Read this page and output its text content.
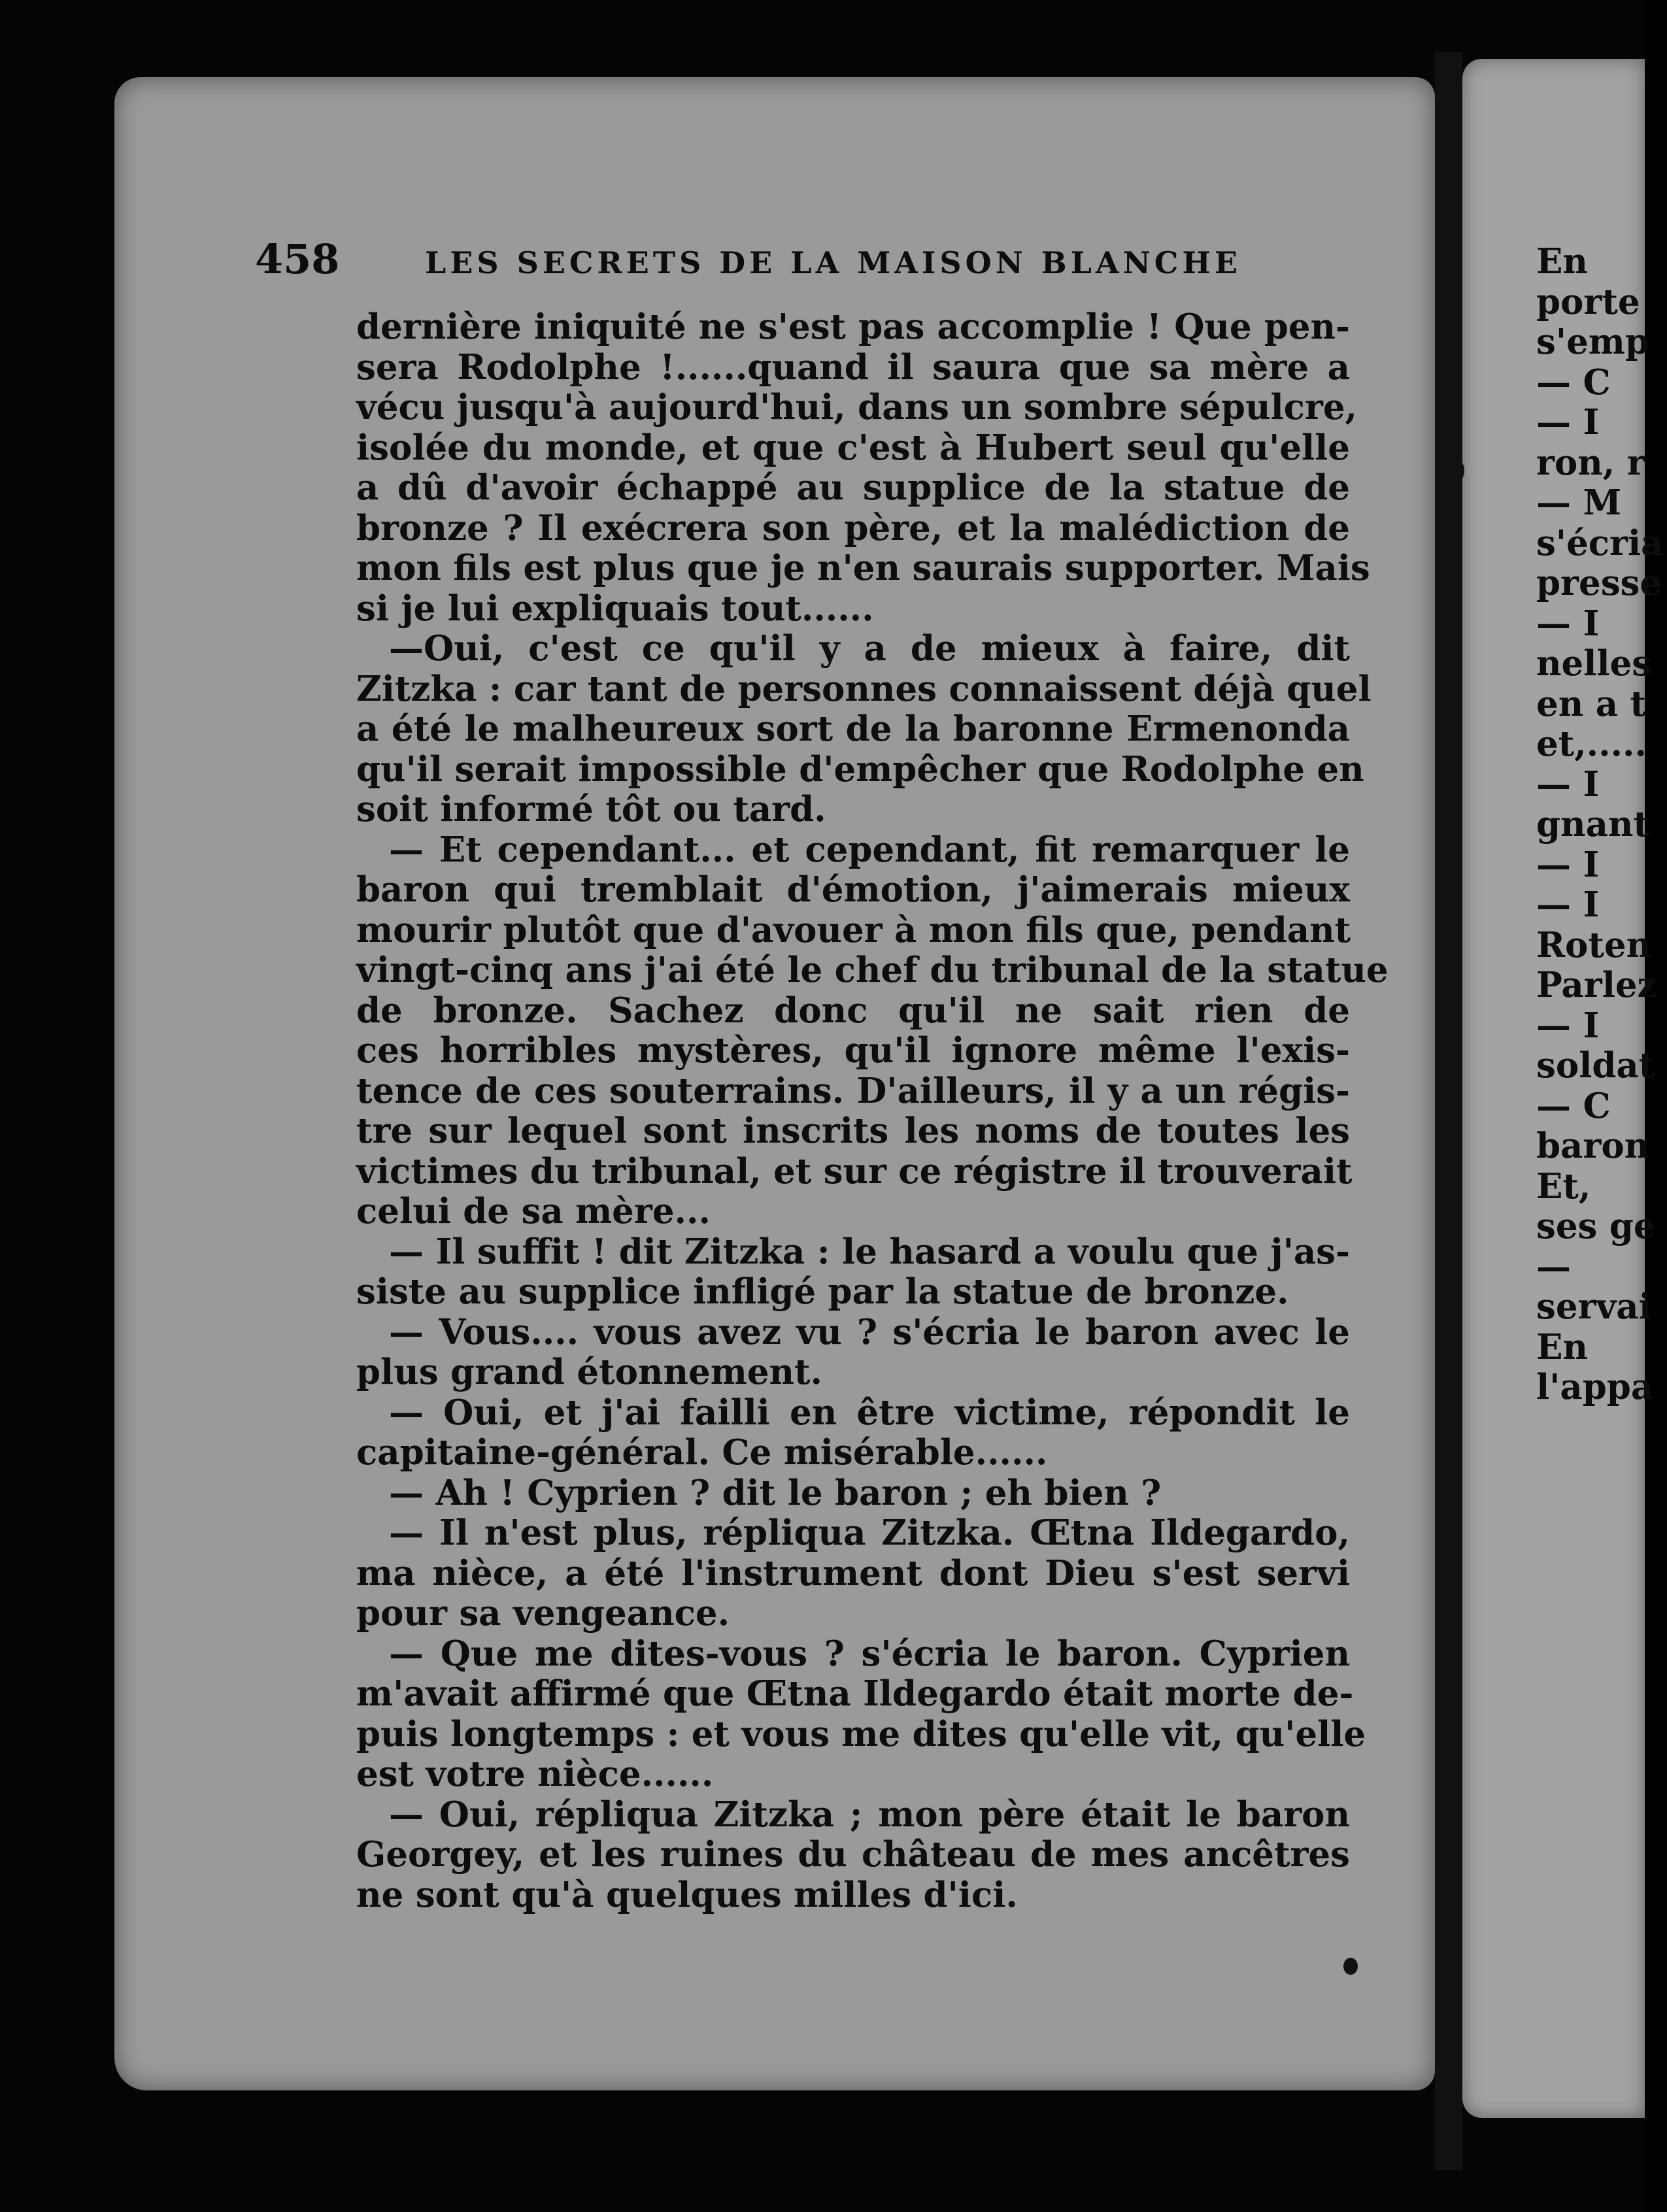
458	LES SECRETS DE LA MAISON BLANCHE
dernière iniquité ne s'est pas accomplie ! Que pen-
sera Rodolphe !......quand il saura que sa mère a
vécu jusqu'à aujourd'hui, dans un sombre sépulcre,
isolée du monde, et que c'est à Hubert seul qu'elle
a dû d'avoir échappé au supplice de la statue de
bronze ? Il exécrera son père, et la malédiction de
mon fils est plus que je n'en saurais supporter. Mais
si je lui expliquais tout......
—Oui, c'est ce qu'il y a de mieux à faire, dit
Zitzka : car tant de personnes connaissent déjà quel
a été le malheureux sort de la baronne Ermenonda
qu'il serait impossible d'empêcher que Rodolphe en
soit informé tôt ou tard.
— Et cependant... et cependant, fit remarquer le
baron qui tremblait d'émotion, j'aimerais mieux
mourir plutôt que d'avouer à mon fils que, pendant
vingt-cinq ans j'ai été le chef du tribunal de la statue
de bronze. Sachez donc qu'il ne sait rien de
ces horribles mystères, qu'il ignore même l'exis-
tence de ces souterrains. D'ailleurs, il y a un régis-
tre sur lequel sont inscrits les noms de toutes les
victimes du tribunal, et sur ce régistre il trouverait
celui de sa mère...
— Il suffit ! dit Zitzka : le hasard a voulu que j'as-
siste au supplice infligé par la statue de bronze.
— Vous.... vous avez vu ? s'écria le baron avec le
plus grand étonnement.
— Oui, et j'ai failli en être victime, répondit le
capitaine-général. Ce misérable......
— Ah ! Cyprien ? dit le baron ; eh bien ?
— Il n'est plus, répliqua Zitzka. Œtna Ildegardo,
ma nièce, a été l'instrument dont Dieu s'est servi
pour sa vengeance.
— Que me dites-vous ? s'écria le baron. Cyprien
m'avait affirmé que Œtna Ildegardo était morte de-
puis longtemps : et vous me dites qu'elle vit, qu'elle
est votre nièce......
— Oui, répliqua Zitzka ; mon père était le baron
Georgey, et les ruines du château de mes ancêtres
ne sont qu'à quelques milles d'ici.
En
porte
s'emp
— C
— I
ron, r
— M
s'écria
presse
— I
nelles
en a t
et,.....
— I
gnant
— I
— I
Roten
Parlez
— I
soldat
— C
baron
Et,
ses ge
—
servai
En
l'appa
